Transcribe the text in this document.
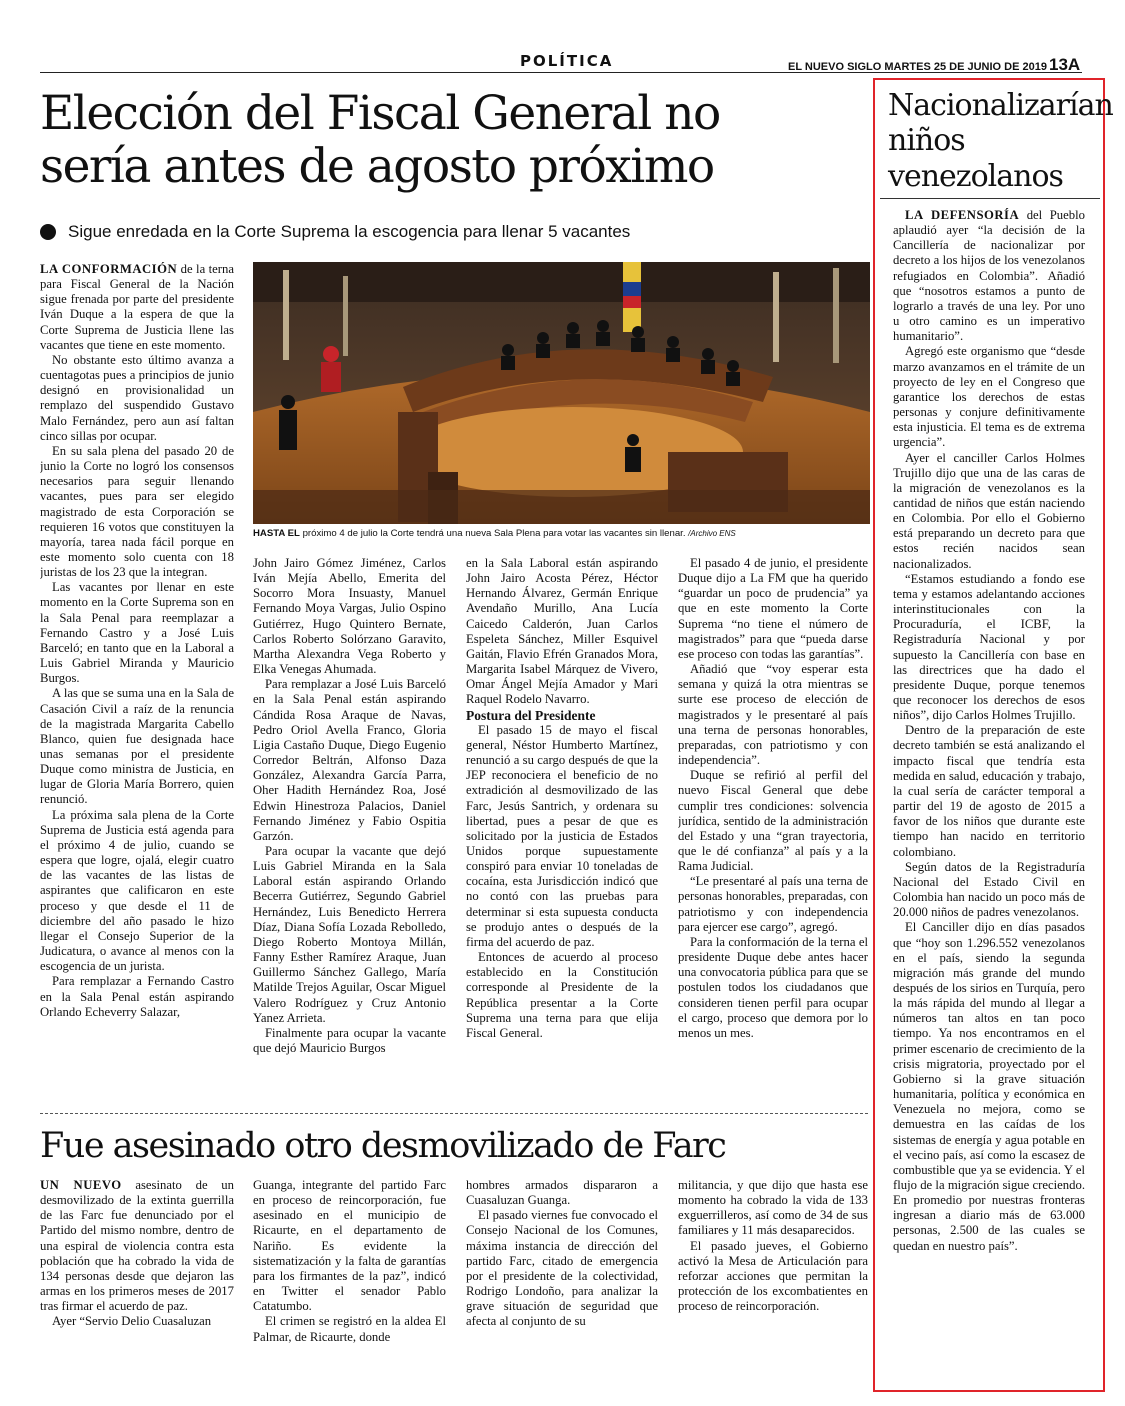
POLÍTICA	EL NUEVO SIGLO MARTES 25 DE JUNIO DE 2019 13A
Elección del Fiscal General no
sería antes de agosto próximo
Sigue enredada en la Corte Suprema la escogencia para llenar 5 vacantes

LA CONFORMACIÓN de la terna para Fiscal General de la Nación sigue frenada por parte del presidente Iván Duque a la espera de que la Corte Suprema de Justicia llene las vacantes que tiene en este momento.

No obstante esto último avanza a cuentagotas pues a principios de junio designó en provisionalidad un remplazo del suspendido Gustavo Malo Fernández, pero aun así faltan cinco sillas por ocupar.

En su sala plena del pasado 20 de junio la Corte no logró los consensos necesarios para seguir llenando vacantes, pues para ser elegido magistrado de esta Corporación se requieren 16 votos que constituyen la mayoría, tarea nada fácil porque en este momento solo cuenta con 18 juristas de los 23 que la integran.

Las vacantes por llenar en este momento en la Corte Suprema son en la Sala Penal para reemplazar a Fernando Castro y a José Luis Barceló; en tanto que en la Laboral a Luis Gabriel Miranda y Mauricio Burgos.

A las que se suma una en la Sala de Casación Civil a raíz de la renuncia de la magistrada Margarita Cabello Blanco, quien fue designada hace unas semanas por el presidente Duque como ministra de Justicia, en lugar de Gloria María Borrero, quien renunció.

La próxima sala plena de la Corte Suprema de Justicia está agenda para el próximo 4 de julio, cuando se espera que logre, ojalá, elegir cuatro de las vacantes de las listas de aspirantes que calificaron en este proceso y que desde el 11 de diciembre del año pasado le hizo llegar el Consejo Superior de la Judicatura, o avance al menos con la escogencia de un jurista.

Para remplazar a Fernando Castro en la Sala Penal están aspirando Orlando Echeverry Salazar,

HASTA EL próximo 4 de julio la Corte tendrá una nueva Sala Plena para votar las vacantes sin llenar. /Archivo ENS

John Jairo Gómez Jiménez, Carlos Iván Mejía Abello, Emerita del Socorro Mora Insuasty, Manuel Fernando Moya Vargas, Julio Ospino Gutiérrez, Hugo Quintero Bernate, Carlos Roberto Solórzano Garavito, Martha Alexandra Vega Roberto y Elka Venegas Ahumada.

Para remplazar a José Luis Barceló en la Sala Penal están aspirando Cándida Rosa Araque de Navas, Pedro Oriol Avella Franco, Gloria Ligia Castaño Duque, Diego Eugenio Corredor Beltrán, Alfonso Daza González, Alexandra García Parra, Oher Hadith Hernández Roa, José Edwin Hinestroza Palacios, Daniel Fernando Jiménez y Fabio Ospitia Garzón.

Para ocupar la vacante que dejó Luis Gabriel Miranda en la Sala Laboral están aspirando Orlando Becerra Gutiérrez, Segundo Gabriel Hernández, Luis Benedicto Herrera Díaz, Diana Sofía Lozada Rebolledo, Diego Roberto Montoya Millán, Fanny Esther Ramírez Araque, Juan Guillermo Sánchez Gallego, María Matilde Trejos Aguilar, Oscar Miguel Valero Rodríguez y Cruz Antonio Yanez Arrieta.

Finalmente para ocupar la vacante que dejó Mauricio Burgos

en la Sala Laboral están aspirando John Jairo Acosta Pérez, Héctor Hernando Álvarez, Germán Enrique Avendaño Murillo, Ana Lucía Caicedo Calderón, Juan Carlos Espeleta Sánchez, Miller Esquivel Gaitán, Flavio Efrén Granados Mora, Margarita Isabel Márquez de Vivero, Omar Ángel Mejía Amador y Mari Raquel Rodelo Navarro.

Postura del Presidente

El pasado 15 de mayo el fiscal general, Néstor Humberto Martínez, renunció a su cargo después de que la JEP reconociera el beneficio de no extradición al desmovilizado de las Farc, Jesús Santrich, y ordenara su libertad, pues a pesar de que es solicitado por la justicia de Estados Unidos porque supuestamente conspiró para enviar 10 toneladas de cocaína, esta Jurisdicción indicó que no contó con las pruebas para determinar si esta supuesta conducta se produjo antes o después de la firma del acuerdo de paz.

Entonces de acuerdo al proceso establecido en la Constitución corresponde al Presidente de la República presentar a la Corte Suprema una terna para que elija Fiscal General.

El pasado 4 de junio, el presidente Duque dijo a La FM que ha querido “guardar un poco de prudencia” ya que en este momento la Corte Suprema “no tiene el número de magistrados” para que “pueda darse ese proceso con todas las garantías”.

Añadió que “voy esperar esta semana y quizá la otra mientras se surte ese proceso de elección de magistrados y le presentaré al país una terna de personas honorables, preparadas, con patriotismo y con independencia”.

Duque se refirió al perfil del nuevo Fiscal General que debe cumplir tres condiciones: solvencia jurídica, sentido de la administración del Estado y una “gran trayectoria, que le dé confianza” al país y a la Rama Judicial.

“Le presentaré al país una terna de personas honorables, preparadas, con patriotismo y con independencia para ejercer ese cargo”, agregó.

Para la conformación de la terna el presidente Duque debe antes hacer una convocatoria pública para que se postulen todos los ciudadanos que consideren tienen perfil para ocupar el cargo, proceso que demora por lo menos un mes.

Fue asesinado otro desmovilizado de Farc

UN NUEVO asesinato de un desmovilizado de la extinta guerrilla de las Farc fue denunciado por el Partido del mismo nombre, dentro de una espiral de violencia contra esta población que ha cobrado la vida de 134 personas desde que dejaron las armas en los primeros meses de 2017 tras firmar el acuerdo de paz.

Ayer “Servio Delio Cuasaluzan

Guanga, integrante del partido Farc en proceso de reincorporación, fue asesinado en el municipio de Ricaurte, en el departamento de Nariño. Es evidente la sistematización y la falta de garantías para los firmantes de la paz”, indicó en Twitter el senador Pablo Catatumbo.

El crimen se registró en la aldea El Palmar, de Ricaurte, donde

hombres armados dispararon a Cuasaluzan Guanga.

El pasado viernes fue convocado el Consejo Nacional de los Comunes, máxima instancia de dirección del partido Farc, citado de emergencia por el presidente de la colectividad, Rodrigo Londoño, para analizar la grave situación de seguridad que afecta al conjunto de su

militancia, y que dijo que hasta ese momento ha cobrado la vida de 133 exguerrilleros, así como de 34 de sus familiares y 11 más desaparecidos.

El pasado jueves, el Gobierno activó la Mesa de Articulación para reforzar acciones que permitan la protección de los excombatientes en proceso de reincorporación.

Nacionalizarían
niños
venezolanos

LA DEFENSORÍA del Pueblo aplaudió ayer “la decisión de la Cancillería de nacionalizar por decreto a los hijos de los venezolanos refugiados en Colombia”. Añadió que “nosotros estamos a punto de lograrlo a través de una ley. Por uno u otro camino es un imperativo humanitario”.

Agregó este organismo que “desde marzo avanzamos en el trámite de un proyecto de ley en el Congreso que garantice los derechos de estas personas y conjure definitivamente esta injusticia. El tema es de extrema urgencia”.

Ayer el canciller Carlos Holmes Trujillo dijo que una de las caras de la migración de venezolanos es la cantidad de niños que están naciendo en Colombia. Por ello el Gobierno está preparando un decreto para que estos recién nacidos sean nacionalizados.

“Estamos estudiando a fondo ese tema y estamos adelantando acciones interinstitucionales con la Procuraduría, el ICBF, la Registraduría Nacional y por supuesto la Cancillería con base en las directrices que ha dado el presidente Duque, porque tenemos que reconocer los derechos de esos niños”, dijo Carlos Holmes Trujillo.

Dentro de la preparación de este decreto también se está analizando el impacto fiscal que tendría esta medida en salud, educación y trabajo, la cual sería de carácter temporal a partir del 19 de agosto de 2015 a favor de los niños que durante este tiempo han nacido en territorio colombiano.

Según datos de la Registraduría Nacional del Estado Civil en Colombia han nacido un poco más de 20.000 niños de padres venezolanos.

El Canciller dijo en días pasados que “hoy son 1.296.552 venezolanos en el país, siendo la segunda migración más grande del mundo después de los sirios en Turquía, pero la más rápida del mundo al llegar a números tan altos en tan poco tiempo. Ya nos encontramos en el primer escenario de crecimiento de la crisis migratoria, proyectado por el Gobierno si la grave situación humanitaria, política y económica en Venezuela no mejora, como se demuestra en las caídas de los sistemas de energía y agua potable en el vecino país, así como la escasez de combustible que ya se evidencia. Y el flujo de la migración sigue creciendo. En promedio por nuestras fronteras ingresan a diario más de 63.000 personas, 2.500 de las cuales se quedan en nuestro país”.
